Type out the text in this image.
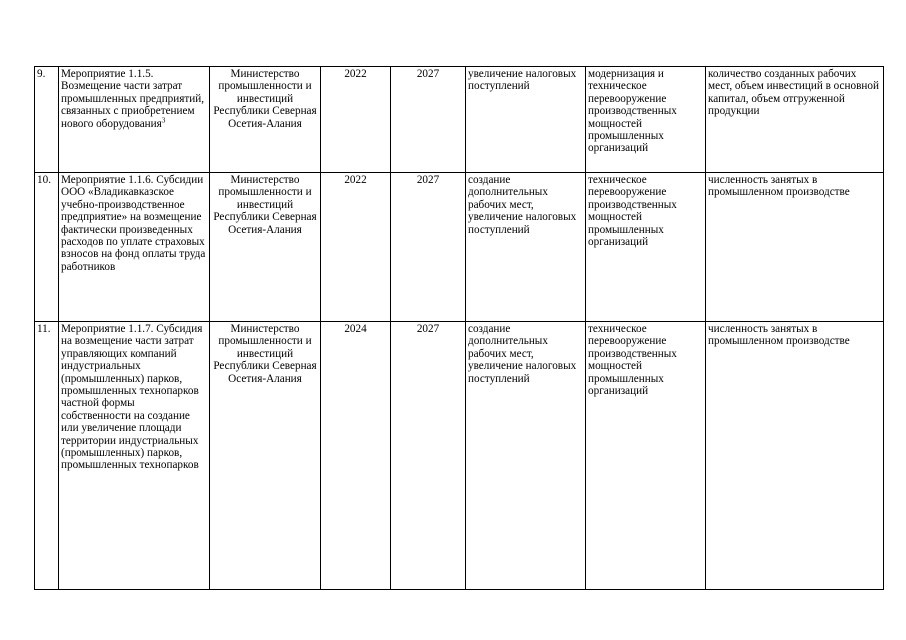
9.	Мероприятие 1.1.5. Возмещение части затрат промышленных предприятий, связанных с приобретением нового оборудования$^3$	Министерство промышленности и инвестиций Республики Северная Осетия-Алания	2022	2027	увеличение налоговых поступлений	модернизация и техническое перевооружение производственных мощностей промышленных организаций	количество созданных рабочих мест, объем инвестиций в основной капитал, объем отгруженной продукции
10.	Мероприятие 1.1.6. Субсидии ООО «Владикавказское учебно-производственное предприятие» на возмещение фактически произведенных расходов по уплате страховых взносов на фонд оплаты труда работников	Министерство промышленности и инвестиций Республики Северная Осетия-Алания	2022	2027	создание дополнительных рабочих мест, увеличение налоговых поступлений	техническое перевооружение производственных мощностей промышленных организаций	численность занятых в промышленном производстве
11.	Мероприятие 1.1.7. Субсидия на возмещение части затрат управляющих компаний индустриальных (промышленных) парков, промышленных технопарков частной формы собственности на создание или увеличение площади территории индустриальных (промышленных) парков, промышленных технопарков	Министерство промышленности и инвестиций Республики Северная Осетия-Алания	2024	2027	создание дополнительных рабочих мест, увеличение налоговых поступлений	техническое перевооружение производственных мощностей промышленных организаций	численность занятых в промышленном производстве
